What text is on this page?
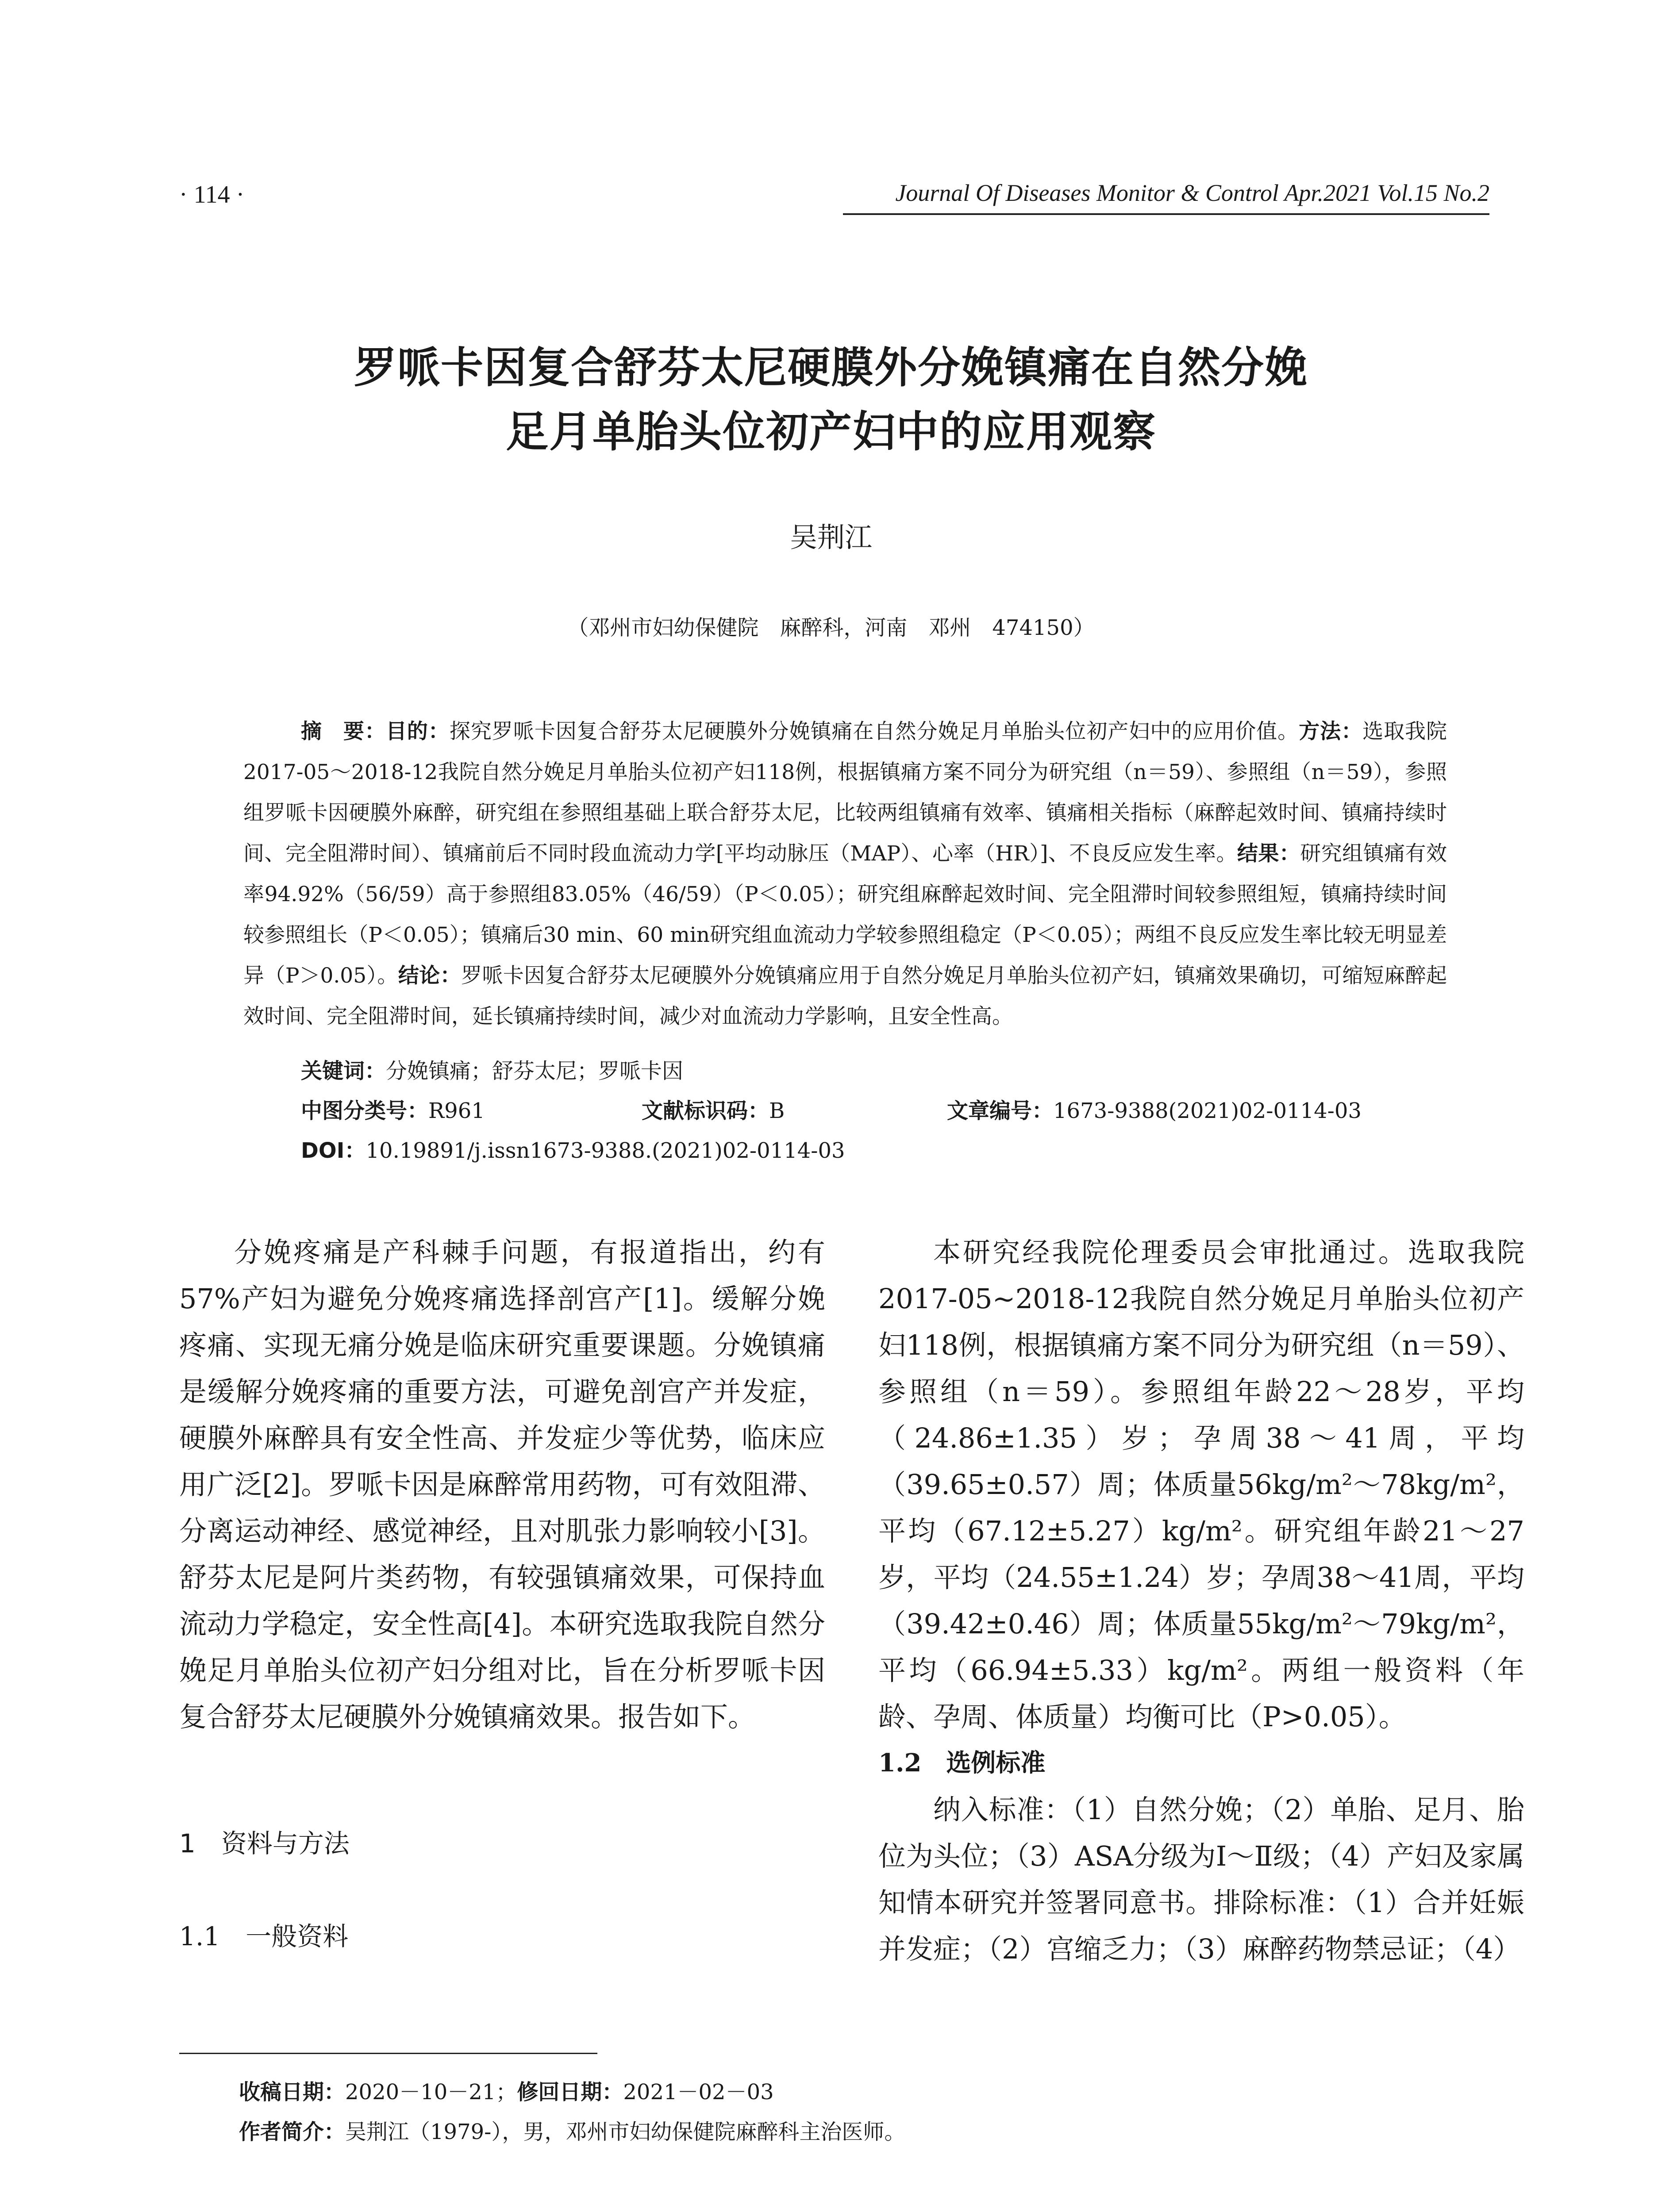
· 114 ·	Journal Of Diseases Monitor & Control Apr.2021 Vol.15 No.2
罗哌卡因复合舒芬太尼硬膜外分娩镇痛在自然分娩
足月单胎头位初产妇中的应用观察
吴荆江
（邓州市妇幼保健院　麻醉科，河南　邓州　474150）

摘　要：目的：探究罗哌卡因复合舒芬太尼硬膜外分娩镇痛在自然分娩足月单胎头位初产妇中的应用价值。方法：选取我院2017-05～2018-12我院自然分娩足月单胎头位初产妇118例，根据镇痛方案不同分为研究组（n＝59）、参照组（n＝59），参照组罗哌卡因硬膜外麻醉，研究组在参照组基础上联合舒芬太尼，比较两组镇痛有效率、镇痛相关指标（麻醉起效时间、镇痛持续时间、完全阻滞时间）、镇痛前后不同时段血流动力学[平均动脉压（MAP）、心率（HR）]、不良反应发生率。结果：研究组镇痛有效率94.92%（56/59）高于参照组83.05%（46/59）（P＜0.05）；研究组麻醉起效时间、完全阻滞时间较参照组短，镇痛持续时间较参照组长（P＜0.05）；镇痛后30 min、60 min研究组血流动力学较参照组稳定（P＜0.05）；两组不良反应发生率比较无明显差异（P＞0.05）。结论：罗哌卡因复合舒芬太尼硬膜外分娩镇痛应用于自然分娩足月单胎头位初产妇，镇痛效果确切，可缩短麻醉起效时间、完全阻滞时间，延长镇痛持续时间，减少对血流动力学影响，且安全性高。

关键词：分娩镇痛；舒芬太尼；罗哌卡因
中图分类号：R961	文献标识码：B	文章编号：1673-9388(2021)02-0114-03
DOI：10.19891/j.issn1673-9388.(2021)02-0114-03

分娩疼痛是产科棘手问题，有报道指出，约有57%产妇为避免分娩疼痛选择剖宫产[1]。缓解分娩疼痛、实现无痛分娩是临床研究重要课题。分娩镇痛是缓解分娩疼痛的重要方法，可避免剖宫产并发症，硬膜外麻醉具有安全性高、并发症少等优势，临床应用广泛[2]。罗哌卡因是麻醉常用药物，可有效阻滞、分离运动神经、感觉神经，且对肌张力影响较小[3]。舒芬太尼是阿片类药物，有较强镇痛效果，可保持血流动力学稳定，安全性高[4]。本研究选取我院自然分娩足月单胎头位初产妇分组对比，旨在分析罗哌卡因复合舒芬太尼硬膜外分娩镇痛效果。报告如下。

1　资料与方法
1.1　一般资料

本研究经我院伦理委员会审批通过。选取我院2017-05~2018-12我院自然分娩足月单胎头位初产妇118例，根据镇痛方案不同分为研究组（n＝59）、参照组（n＝59）。参照组年龄22～28岁，平均（24.86±1.35）岁；孕周38～41周，平均（39.65±0.57）周；体质量56kg/m²～78kg/m²，平均（67.12±5.27）kg/m²。研究组年龄21～27岁，平均（24.55±1.24）岁；孕周38～41周，平均（39.42±0.46）周；体质量55kg/m²～79kg/m²，平均（66.94±5.33）kg/m²。两组一般资料（年龄、孕周、体质量）均衡可比（P>0.05）。

1.2　选例标准

纳入标准：（1）自然分娩；（2）单胎、足月、胎位为头位；（3）ASA分级为Ⅰ～Ⅱ级；（4）产妇及家属知情本研究并签署同意书。排除标准：（1）合并妊娠并发症；（2）宫缩乏力；（3）麻醉药物禁忌证；（4）

收稿日期：2020－10－21；修回日期：2021－02－03
作者简介：吴荆江（1979-），男，邓州市妇幼保健院麻醉科主治医师。
